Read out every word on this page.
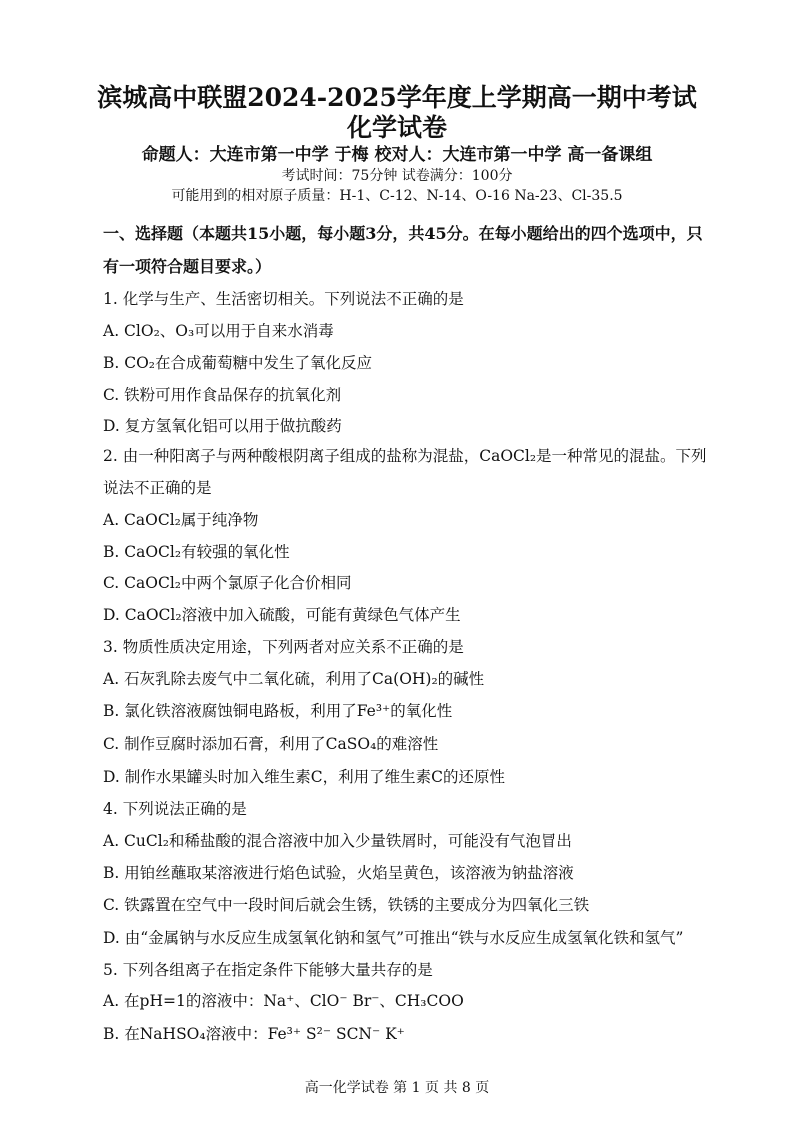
滨城高中联盟2024-2025学年度上学期高一期中考试
化学试卷
命题人：大连市第一中学 于梅 校对人：大连市第一中学 高一备课组
考试时间：75分钟 试卷满分：100分
可能用到的相对原子质量：H-1、C-12、N-14、O-16 Na-23、Cl-35.5
一、选择题（本题共15小题，每小题3分，共45分。在每小题给出的四个选项中，只
有一项符合题目要求。）
1. 化学与生产、生活密切相关。下列说法不正确的是
A. ClO₂、O₃可以用于自来水消毒
B. CO₂在合成葡萄糖中发生了氧化反应
C. 铁粉可用作食品保存的抗氧化剂
D. 复方氢氧化铝可以用于做抗酸药
2. 由一种阳离子与两种酸根阴离子组成的盐称为混盐，CaOCl₂是一种常见的混盐。下列
说法不正确的是
A. CaOCl₂属于纯净物
B. CaOCl₂有较强的氧化性
C. CaOCl₂中两个氯原子化合价相同
D. CaOCl₂溶液中加入硫酸，可能有黄绿色气体产生
3. 物质性质决定用途，下列两者对应关系不正确的是
A. 石灰乳除去废气中二氧化硫，利用了Ca(OH)₂的碱性
B. 氯化铁溶液腐蚀铜电路板，利用了Fe³⁺的氧化性
C. 制作豆腐时添加石膏，利用了CaSO₄的难溶性
D. 制作水果罐头时加入维生素C，利用了维生素C的还原性
4. 下列说法正确的是
A. CuCl₂和稀盐酸的混合溶液中加入少量铁屑时，可能没有气泡冒出
B. 用铂丝蘸取某溶液进行焰色试验，火焰呈黄色，该溶液为钠盐溶液
C. 铁露置在空气中一段时间后就会生锈，铁锈的主要成分为四氧化三铁
D. 由“金属钠与水反应生成氢氧化钠和氢气”可推出“铁与水反应生成氢氧化铁和氢气”
5. 下列各组离子在指定条件下能够大量共存的是
A. 在pH=1的溶液中：Na⁺、ClO⁻ Br⁻、CH₃COO
B. 在NaHSO₄溶液中：Fe³⁺ S²⁻ SCN⁻ K⁺
高一化学试卷 第 1 页 共 8 页
